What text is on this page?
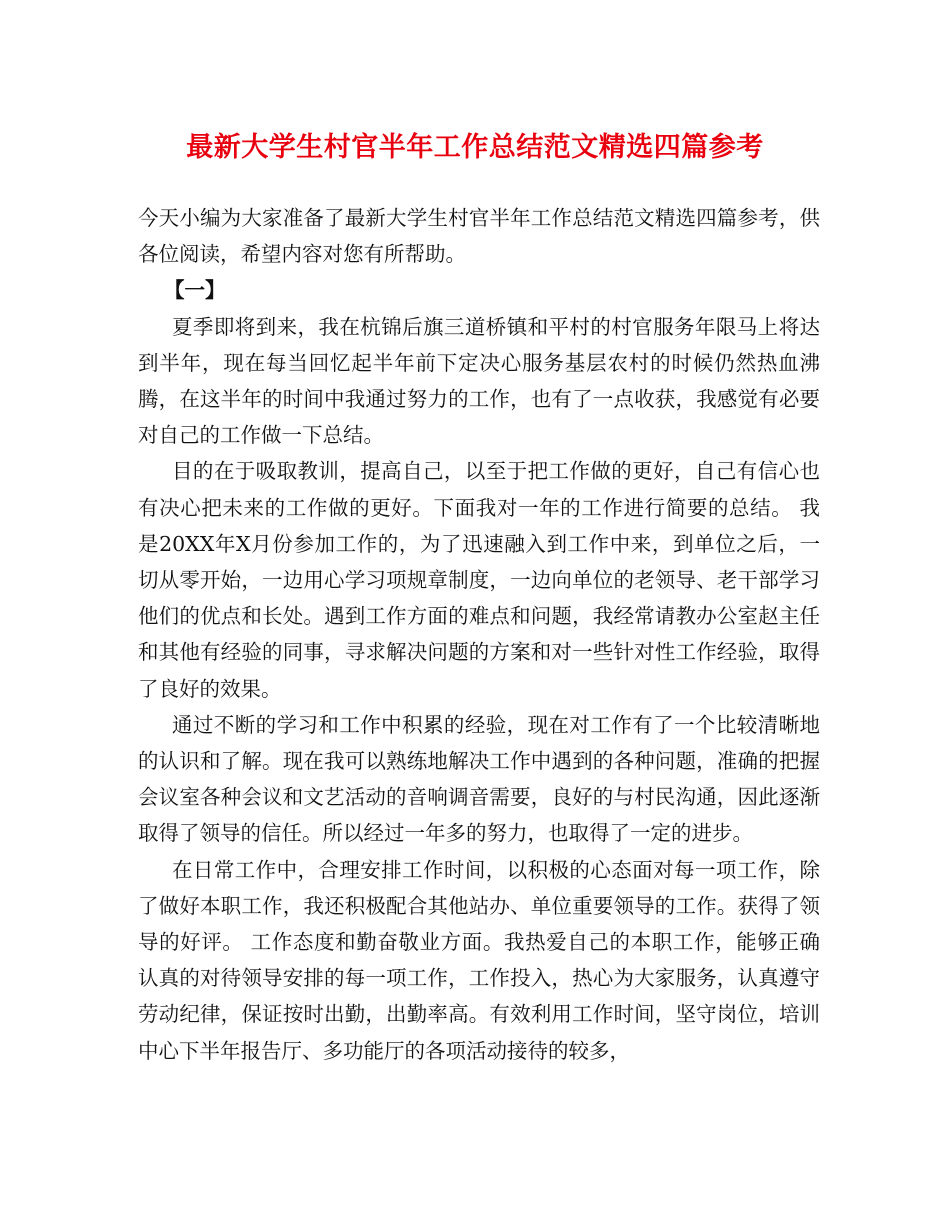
最新大学生村官半年工作总结范文精选四篇参考

今天小编为大家准备了最新大学生村官半年工作总结范文精选四篇参考，供各位阅读，希望内容对您有所帮助。

【一】

夏季即将到来，我在杭锦后旗三道桥镇和平村的村官服务年限马上将达到半年，现在每当回忆起半年前下定决心服务基层农村的时候仍然热血沸腾，在这半年的时间中我通过努力的工作，也有了一点收获，我感觉有必要对自己的工作做一下总结。

目的在于吸取教训，提高自己，以至于把工作做的更好，自己有信心也有决心把未来的工作做的更好。下面我对一年的工作进行简要的总结。 我是20XX年X月份参加工作的，为了迅速融入到工作中来，到单位之后，一切从零开始，一边用心学习项规章制度，一边向单位的老领导、老干部学习他们的优点和长处。遇到工作方面的难点和问题，我经常请教办公室赵主任和其他有经验的同事，寻求解决问题的方案和对一些针对性工作经验，取得了良好的效果。

通过不断的学习和工作中积累的经验，现在对工作有了一个比较清晰地的认识和了解。现在我可以熟练地解决工作中遇到的各种问题，准确的把握会议室各种会议和文艺活动的音响调音需要，良好的与村民沟通，因此逐渐取得了领导的信任。所以经过一年多的努力，也取得了一定的进步。

在日常工作中，合理安排工作时间，以积极的心态面对每一项工作，除了做好本职工作，我还积极配合其他站办、单位重要领导的工作。获得了领导的好评。 工作态度和勤奋敬业方面。我热爱自己的本职工作，能够正确认真的对待领导安排的每一项工作，工作投入，热心为大家服务，认真遵守劳动纪律，保证按时出勤，出勤率高。有效利用工作时间，坚守岗位，培训中心下半年报告厅、多功能厅的各项活动接待的较多，
